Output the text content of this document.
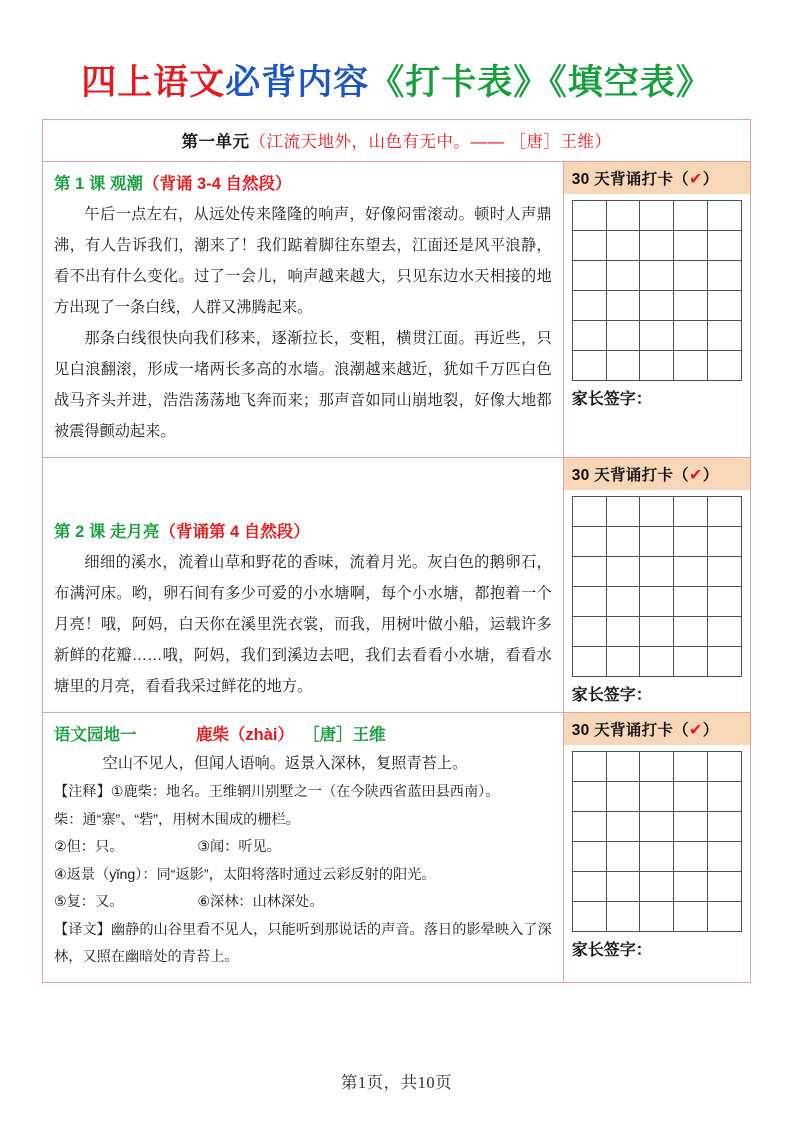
四上语文必背内容《打卡表》《填空表》
第一单元（江流天地外，山色有无中。—— ［唐］王维）

第 1 课 观潮（背诵 3-4 自然段）

午后一点左右，从远处传来隆隆的响声，好像闷雷滚动。顿时人声鼎沸，有人告诉我们，潮来了！我们踮着脚往东望去，江面还是风平浪静，看不出有什么变化。过了一会儿，响声越来越大，只见东边水天相接的地方出现了一条白线，人群又沸腾起来。

那条白线很快向我们移来，逐渐拉长，变粗，横贯江面。再近些，只见白浪翻滚，形成一堵两长多高的水墙。浪潮越来越近，犹如千万匹白色战马齐头并进，浩浩荡荡地飞奔而来；那声音如同山崩地裂，好像大地都被震得颤动起来。

30 天背诵打卡（✔）

家长签字：

第 2 课 走月亮（背诵第 4 自然段）

细细的溪水，流着山草和野花的香味，流着月光。灰白色的鹅卵石，布满河床。哟，卵石间有多少可爱的小水塘啊，每个小水塘，都抱着一个月亮！哦，阿妈，白天你在溪里洗衣裳，而我，用树叶做小船，运载许多新鲜的花瓣……哦，阿妈，我们到溪边去吧，我们去看看小水塘，看看水塘里的月亮，看看我采过鲜花的地方。

30 天背诵打卡（✔）

家长签字：

语文园地一	鹿柴（zhài） ［唐］王维

空山不见人，但闻人语响。返景入深林，复照青苔上。

【注释】①鹿柴：地名。王维辋川别墅之一（在今陕西省蓝田县西南）。

柴：通“寨”、“砦”，用树木围成的栅栏。

②但：只。	③闻：听见。

④返景（yǐng）：同“返影”，太阳将落时通过云彩反射的阳光。

⑤复：又。	⑥深林：山林深处。

【译文】幽静的山谷里看不见人，只能听到那说话的声音。落日的影晕映入了深林，又照在幽暗处的青苔上。

30 天背诵打卡（✔）

家长签字：
第1页，共10页
